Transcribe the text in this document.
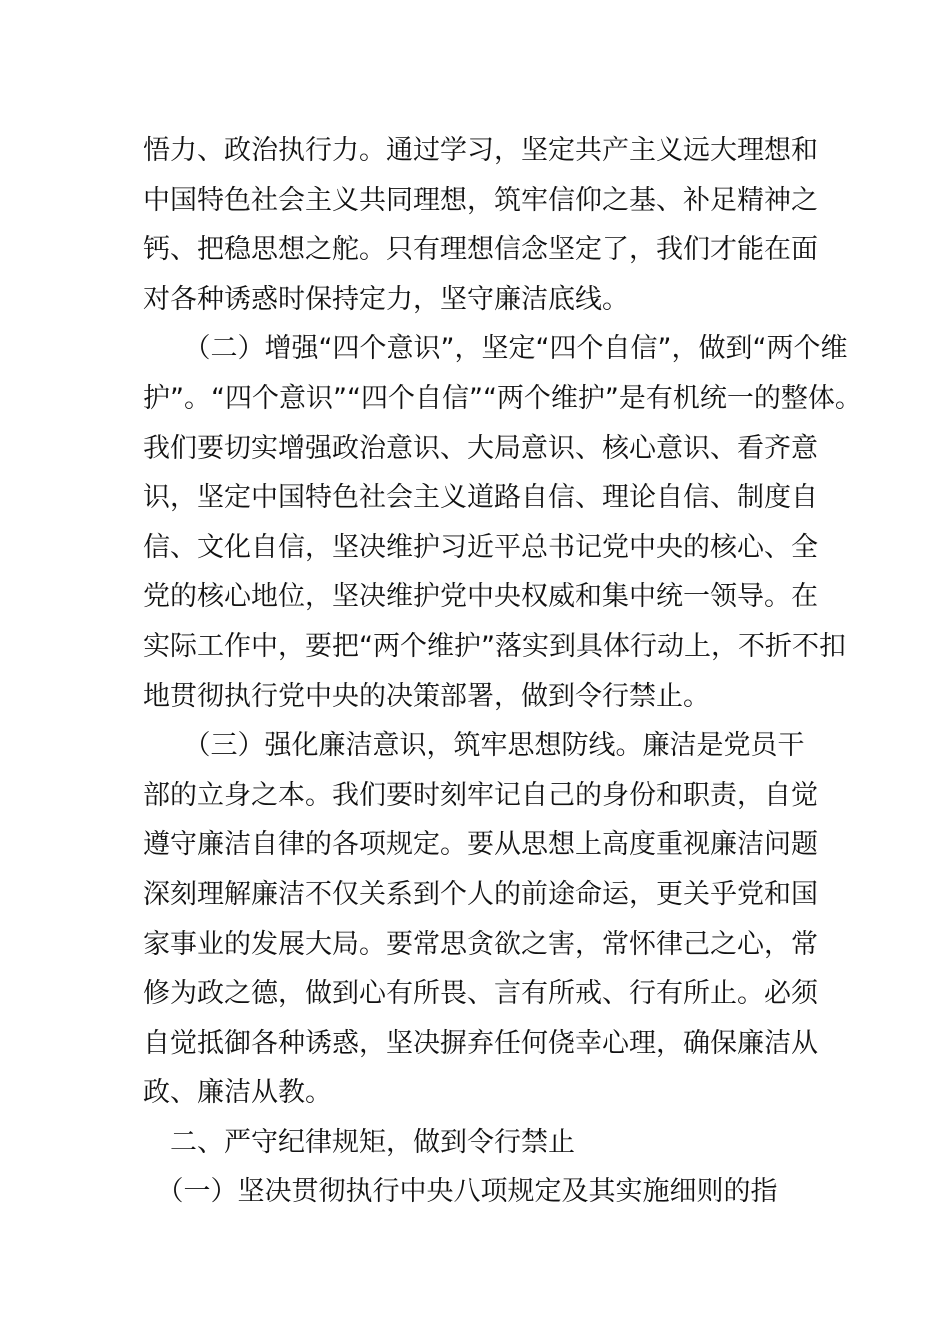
悟力、政治执行力。通过学习，坚定共产主义远大理想和
中国特色社会主义共同理想，筑牢信仰之基、补足精神之
钙、把稳思想之舵。只有理想信念坚定了，我们才能在面
对各种诱惑时保持定力，坚守廉洁底线。
　　（二）增强“四个意识”，坚定“四个自信”，做到“两个维
护”。“四个意识”“四个自信”“两个维护”是有机统一的整体。
我们要切实增强政治意识、大局意识、核心意识、看齐意
识，坚定中国特色社会主义道路自信、理论自信、制度自
信、文化自信，坚决维护习近平总书记党中央的核心、全
党的核心地位，坚决维护党中央权威和集中统一领导。在
实际工作中，要把“两个维护”落实到具体行动上，不折不扣
地贯彻执行党中央的决策部署，做到令行禁止。
　　（三）强化廉洁意识，筑牢思想防线。廉洁是党员干
部的立身之本。我们要时刻牢记自己的身份和职责，自觉
遵守廉洁自律的各项规定。要从思想上高度重视廉洁问题
深刻理解廉洁不仅关系到个人的前途命运，更关乎党和国
家事业的发展大局。要常思贪欲之害，常怀律己之心，常
修为政之德，做到心有所畏、言有所戒、行有所止。必须
自觉抵御各种诱惑，坚决摒弃任何侥幸心理，确保廉洁从
政、廉洁从教。
　二、严守纪律规矩，做到令行禁止
　（一）坚决贯彻执行中央八项规定及其实施细则的指
